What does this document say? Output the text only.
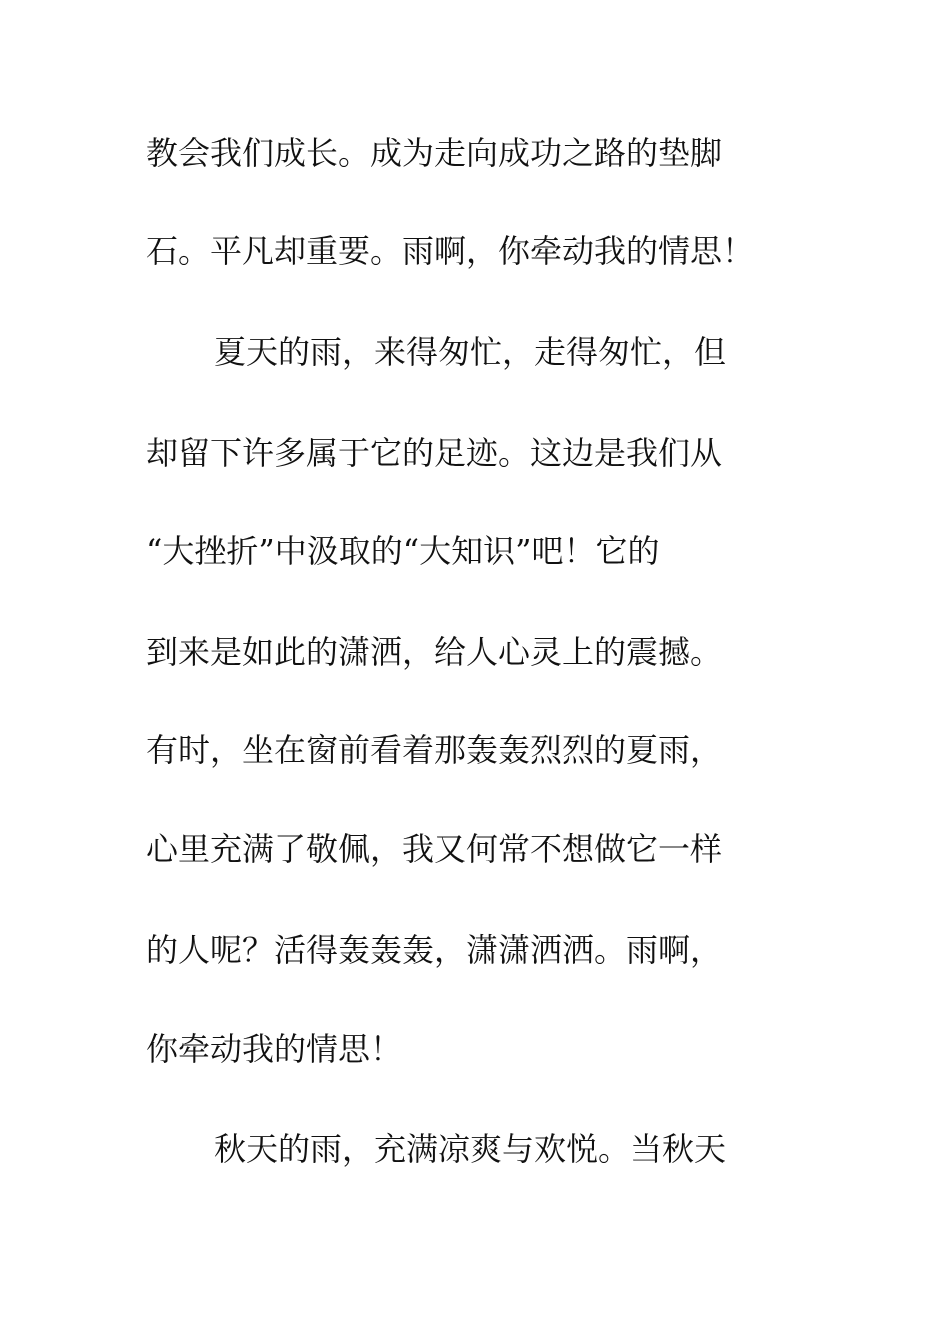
教会我们成长。成为走向成功之路的垫脚
石。平凡却重要。雨啊，你牵动我的情思！
夏天的雨，来得匆忙，走得匆忙，但
却留下许多属于它的足迹。这边是我们从
“大挫折”中汲取的“大知识”吧！它的
到来是如此的潇洒，给人心灵上的震撼。
有时，坐在窗前看着那轰轰烈烈的夏雨，
心里充满了敬佩，我又何常不想做它一样
的人呢？活得轰轰轰，潇潇洒洒。雨啊，
你牵动我的情思！
秋天的雨，充满凉爽与欢悦。当秋天
